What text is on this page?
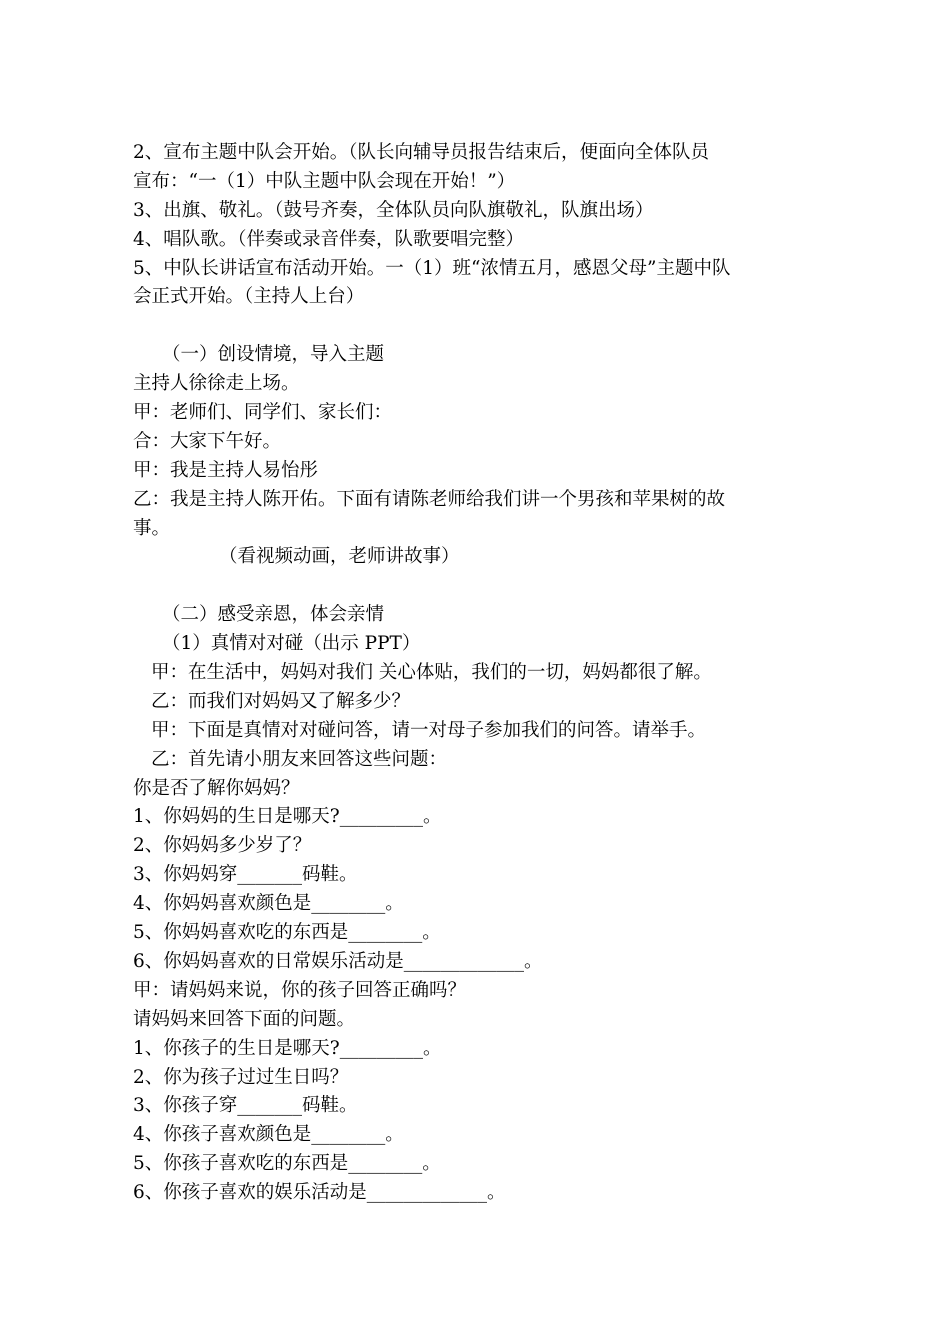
2、宣布主题中队会开始。（队长向辅导员报告结束后，便面向全体队员
宣布：“一（1）中队主题中队会现在开始！”）
3、出旗、敬礼。（鼓号齐奏，全体队员向队旗敬礼，队旗出场）
4、唱队歌。（伴奏或录音伴奏，队歌要唱完整）
5、中队长讲话宣布活动开始。一（1）班“浓情五月，感恩父母”主题中队
会正式开始。（主持人上台）
（一）创设情境，导入主题
主持人徐徐走上场。
甲：老师们、同学们、家长们：
合：大家下午好。
甲：我是主持人易怡彤
乙：我是主持人陈开佑。下面有请陈老师给我们讲一个男孩和苹果树的故
事。
（看视频动画，老师讲故事）
（二）感受亲恩，体会亲情
（1）真情对对碰（出示 PPT）
甲：在生活中，妈妈对我们 关心体贴，我们的一切，妈妈都很了解。
乙：而我们对妈妈又了解多少？
甲：下面是真情对对碰问答，请一对母子参加我们的问答。请举手。
乙：首先请小朋友来回答这些问题：
你是否了解你妈妈？
1、你妈妈的生日是哪天?_________。
2、你妈妈多少岁了？
3、你妈妈穿_______码鞋。
4、你妈妈喜欢颜色是________。
5、你妈妈喜欢吃的东西是________。
6、你妈妈喜欢的日常娱乐活动是_____________。
甲：请妈妈来说，你的孩子回答正确吗？
请妈妈来回答下面的问题。
1、你孩子的生日是哪天?_________。
2、你为孩子过过生日吗？
3、你孩子穿_______码鞋。
4、你孩子喜欢颜色是________。
5、你孩子喜欢吃的东西是________。
6、你孩子喜欢的娱乐活动是_____________。
